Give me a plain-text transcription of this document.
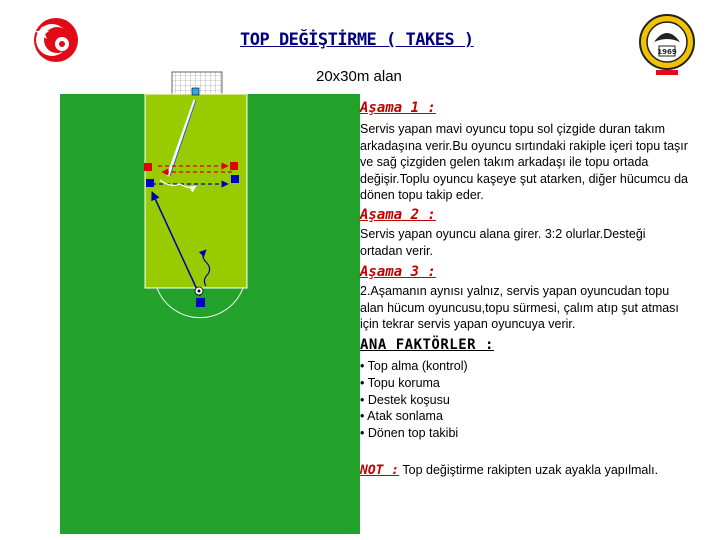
1969
TOP DEĞİŞTİRME ( TAKES )
20x30m alan
Aşama 1 :

Servis yapan mavi oyuncu topu sol çizgide duran takım arkadaşına verir.Bu oyuncu sırtındaki rakiple içeri topu taşır ve sağ çizgiden gelen takım arkadaşı ile topu ortada değişir.Toplu oyuncu kaşeye şut atarken, diğer hücumcu da dönen topu takip eder.

Aşama 2 :

Servis yapan oyuncu alana girer. 3:2 olurlar.Desteği ortadan verir.

Aşama 3 :

2.Aşamanın aynısı yalnız, servis yapan oyuncudan topu alan hücum oyuncusu,topu sürmesi, çalım atıp şut atması için tekrar servis yapan oyuncuya verir.

ANA FAKTÖRLER :
• Top alma (kontrol)
• Topu koruma
• Destek koşusu
• Atak sonlama
• Dönen top takibi
NOT : Top değiştirme rakipten uzak ayakla yapılmalı.
